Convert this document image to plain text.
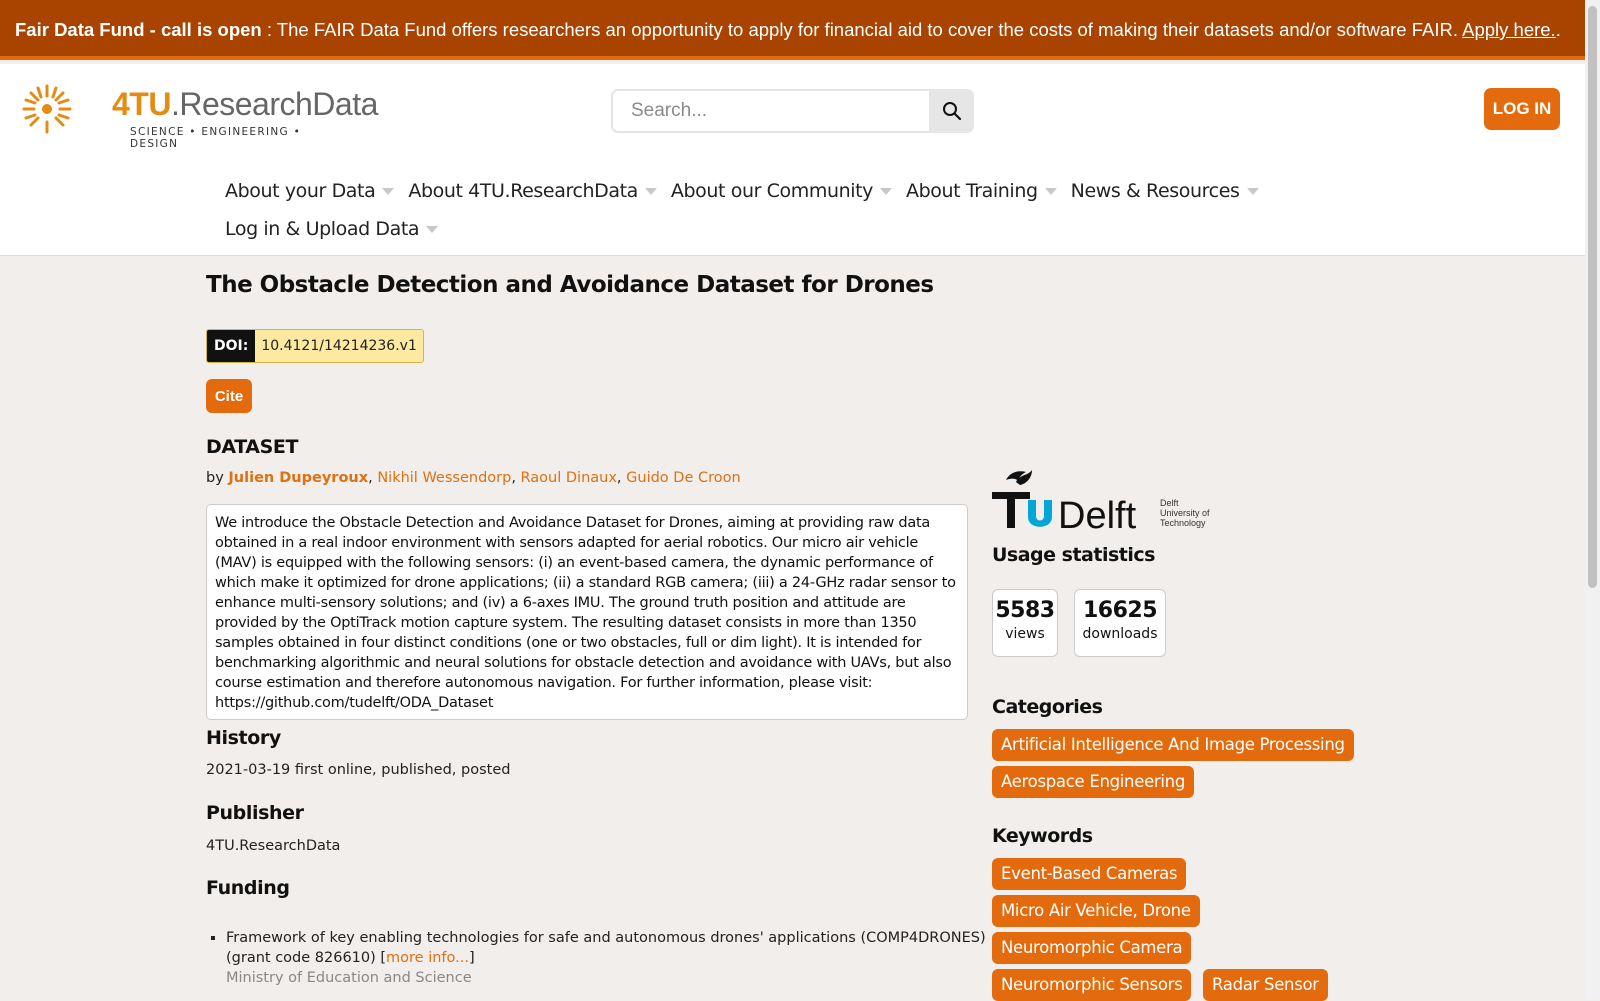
Fair Data Fund - call is open : The FAIR Data Fund offers researchers an opportunity to apply for financial aid to cover the costs of making their datasets and/or software FAIR. Apply here..
4TU.ResearchData
SCIENCE • ENGINEERING • DESIGN
Search...
LOG IN
About your Data About 4TU.ResearchData About our Community About Training News & Resources
Log in & Upload Data
The Obstacle Detection and Avoidance Dataset for Drones
DOI: 10.4121/14214236.v1
Cite
DATASET
by Julien Dupeyroux, Nikhil Wessendorp, Raoul Dinaux, Guido De Croon
We introduce the Obstacle Detection and Avoidance Dataset for Drones, aiming at providing raw data obtained in a real indoor environment with sensors adapted for aerial robotics. Our micro air vehicle (MAV) is equipped with the following sensors: (i) an event-based camera, the dynamic performance of which make it optimized for drone applications; (ii) a standard RGB camera; (iii) a 24-GHz radar sensor to enhance multi-sensory solutions; and (iv) a 6-axes IMU. The ground truth position and attitude are provided by the OptiTrack motion capture system. The resulting dataset consists in more than 1350 samples obtained in four distinct conditions (one or two obstacles, full or dim light). It is intended for benchmarking algorithmic and neural solutions for obstacle detection and avoidance with UAVs, but also course estimation and therefore autonomous navigation. For further information, please visit: https://github.com/tudelft/ODA_Dataset
History
2021-03-19 first online, published, posted
Publisher
4TU.ResearchData
Funding
▪ Framework of key enabling technologies for safe and autonomous drones' applications (COMP4DRONES) (grant code 826610) [more info...]
Ministry of Education and Science
Delft	Delft
University of
Technology
Usage statistics
5583
views
16625
downloads
Categories
Artificial Intelligence And Image Processing
Aerospace Engineering
Keywords
Event-Based Cameras
Micro Air Vehicle, Drone
Neuromorphic Camera
Neuromorphic Sensors	Radar Sensor
